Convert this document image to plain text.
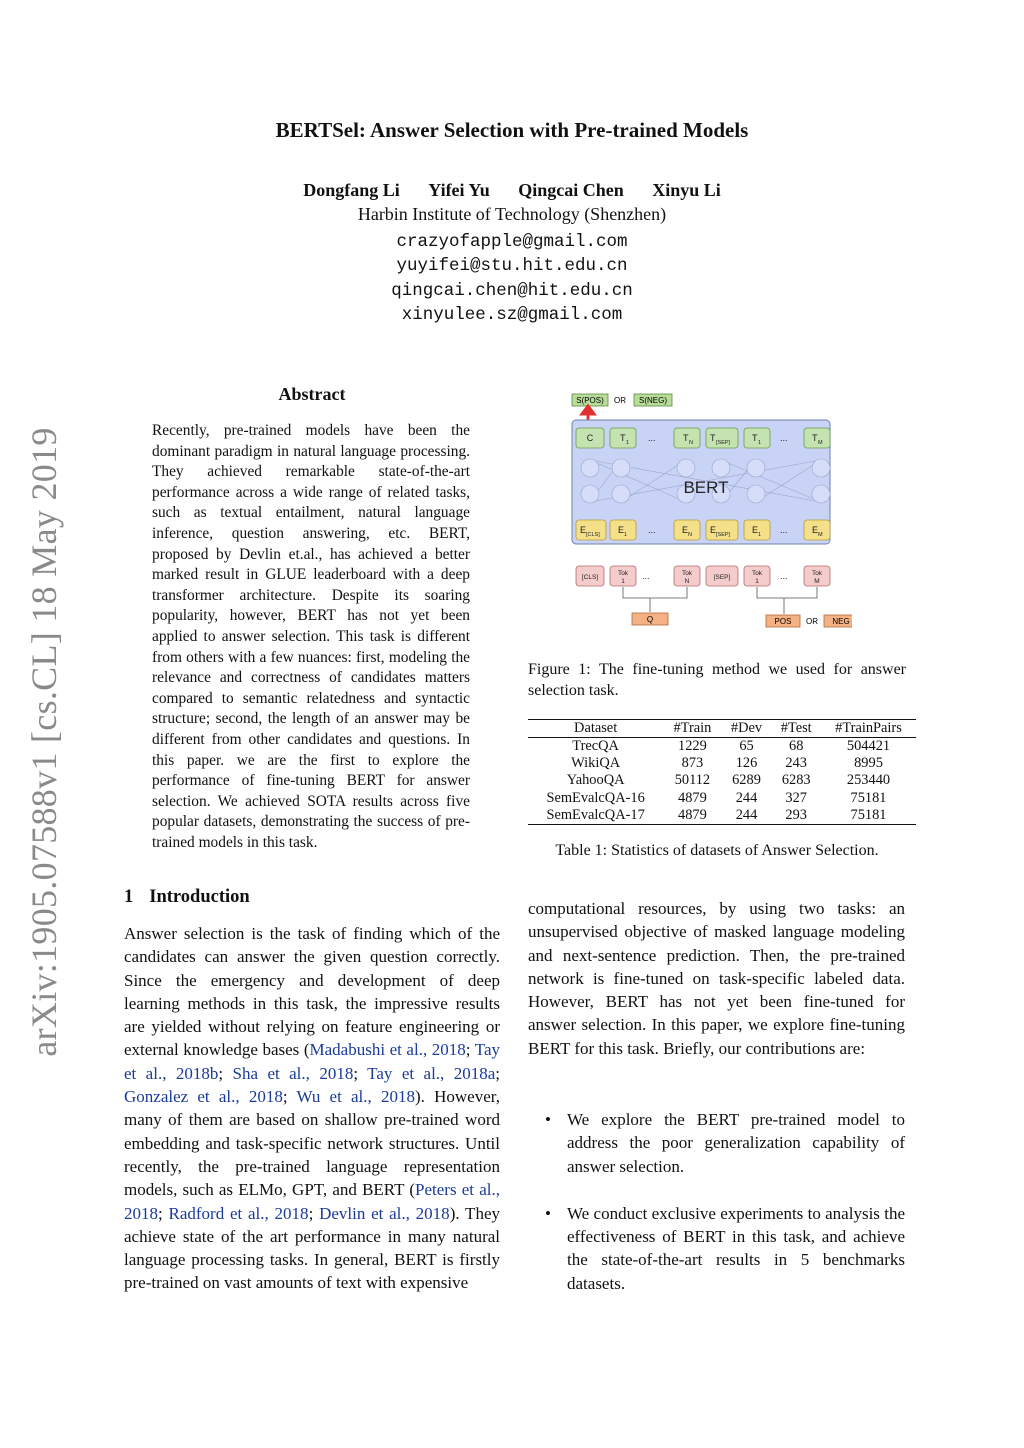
arXiv:1905.07588v1 [cs.CL] 18 May 2019
BERTSel: Answer Selection with Pre-trained Models
Dongfang Li Yifei Yu Qingcai Chen Xinyu Li
Harbin Institute of Technology (Shenzhen)
crazyofapple@gmail.com
yuyifei@stu.hit.edu.cn
qingcai.chen@hit.edu.cn
xinyulee.sz@gmail.com
Abstract
Recently, pre-trained models have been the dominant paradigm in natural language processing. They achieved remarkable state-of-the-art performance across a wide range of related tasks, such as textual entailment, natural language inference, question answering, etc. BERT, proposed by Devlin et.al., has achieved a better marked result in GLUE leaderboard with a deep transformer architecture. Despite its soaring popularity, however, BERT has not yet been applied to answer selection. This task is different from others with a few nuances: first, modeling the relevance and correctness of candidates matters compared to semantic relatedness and syntactic structure; second, the length of an answer may be different from other candidates and questions. In this paper. we are the first to explore the performance of fine-tuning BERT for answer selection. We achieved SOTA results across five popular datasets, demonstrating the success of pre-trained models in this task.
1 Introduction
Answer selection is the task of finding which of the candidates can answer the given question correctly. Since the emergency and development of deep learning methods in this task, the impressive results are yielded without relying on feature engineering or external knowledge bases (Madabushi et al., 2018; Tay et al., 2018b; Sha et al., 2018; Tay et al., 2018a; Gonzalez et al., 2018; Wu et al., 2018). However, many of them are based on shallow pre-trained word embedding and task-specific network structures. Until recently, the pre-trained language representation models, such as ELMo, GPT, and BERT (Peters et al., 2018; Radford et al., 2018; Devlin et al., 2018). They achieve state of the art performance in many natural language processing tasks. In general, BERT is firstly pre-trained on vast amounts of text with expensive
computational resources, by using two tasks: an unsupervised objective of masked language modeling and next-sentence prediction. Then, the pre-trained network is fine-tuned on task-specific labeled data. However, BERT has not yet been fine-tuned for answer selection. In this paper, we explore fine-tuning BERT for this task. Briefly, our contributions are:
• We explore the BERT pre-trained model to address the poor generalization capability of answer selection.
• We conduct exclusive experiments to analysis the effectiveness of BERT in this task, and achieve the state-of-the-art results in 5 benchmarks datasets.
S(POS) OR S(NEG)
BERT
C	T 1	T N T [SEP] T 1	T M
...	...
E [CLS] E 1	E N E [SEP] E 1	E M
...	...
[CLS]
Tok
1
Tok
N
[SEP]
Tok
1
Tok
M
...	...
Q	POS OR NEG
Figure 1: The fine-tuning method we used for answer selection task.
Dataset	#Train	#Dev	#Test	#TrainPairs
TrecQA	1229	65	68	504421
WikiQA	873	126	243	8995
YahooQA	50112	6289	6283	253440
SemEvalcQA-16	4879	244	327	75181
SemEvalcQA-17	4879	244	293	75181
Table 1: Statistics of datasets of Answer Selection.
